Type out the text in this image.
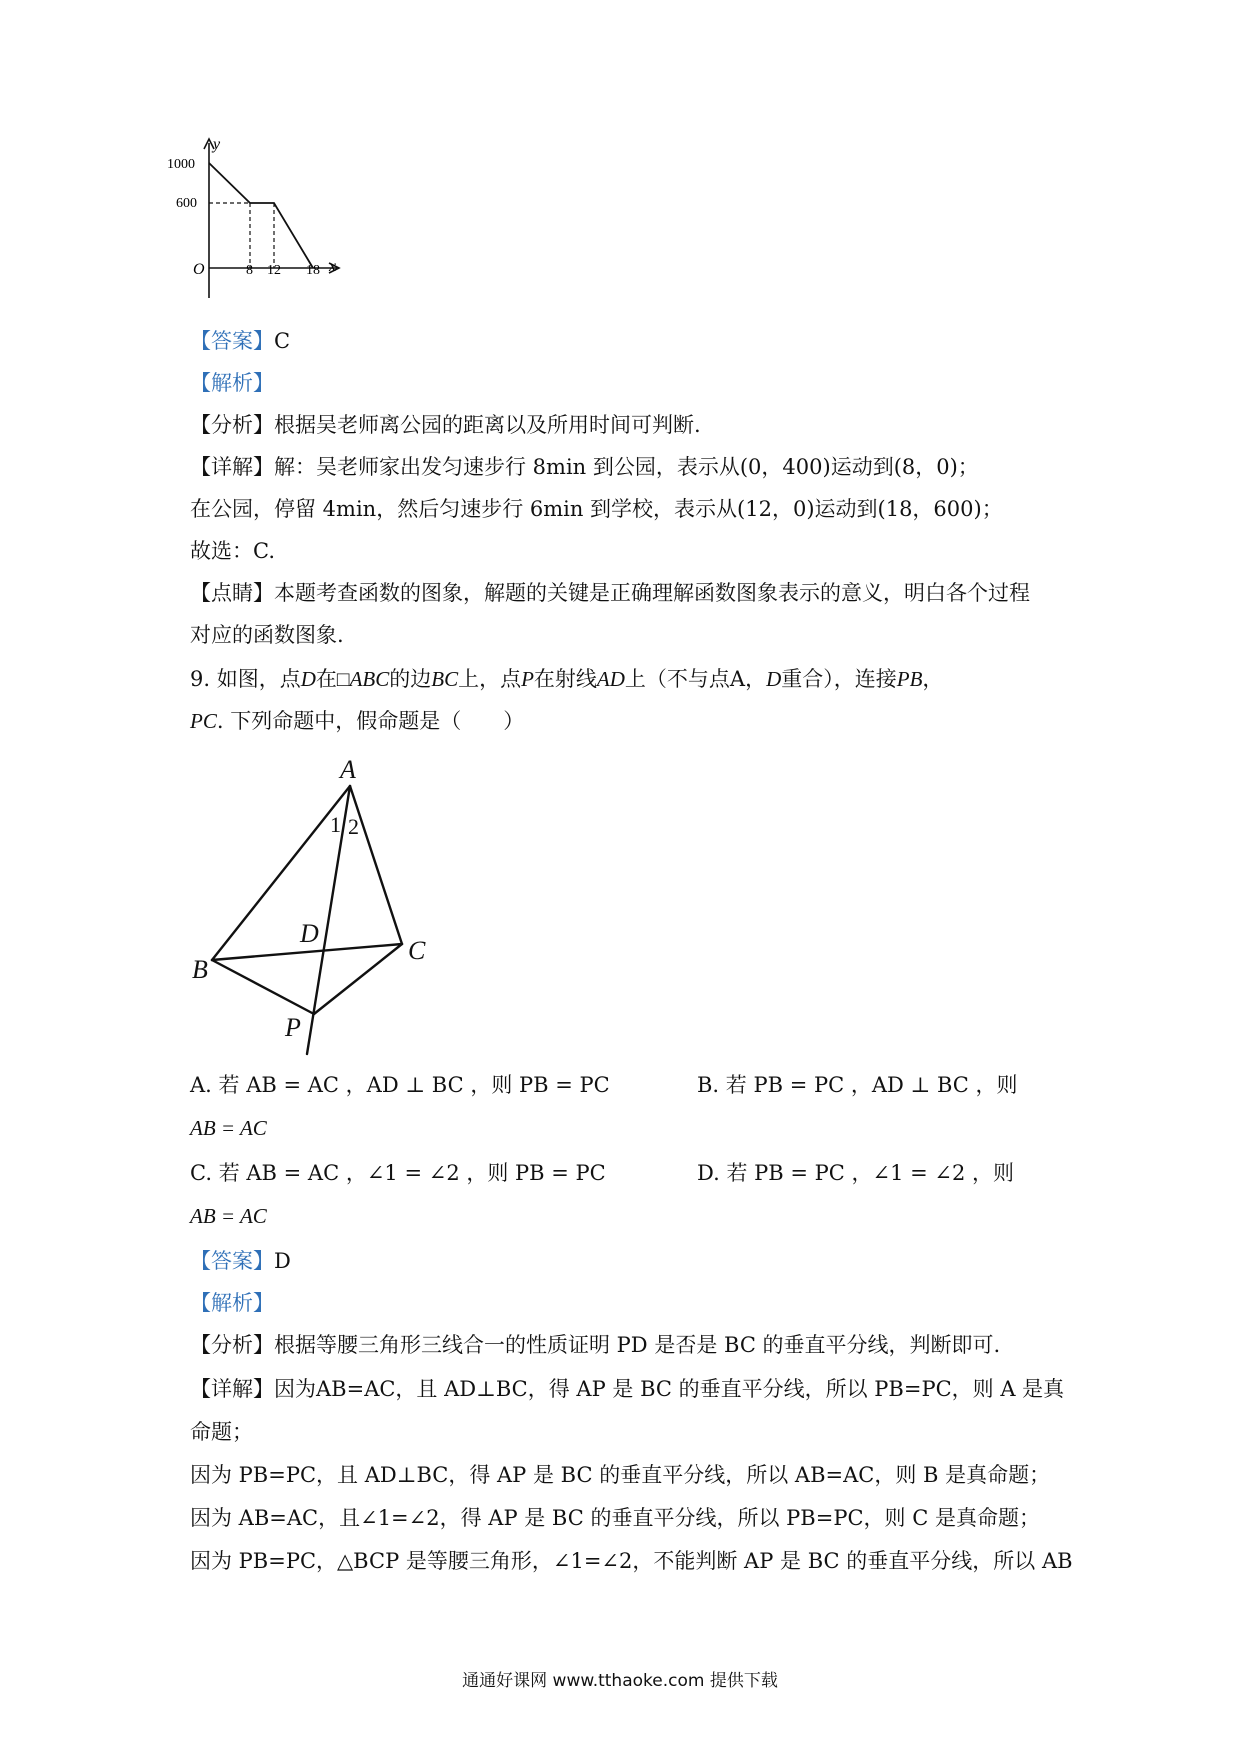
y
x
O
1000
600
8 12 18
【答案】C
【解析】
【分析】根据吴老师离公园的距离以及所用时间可判断.
【详解】解：吴老师家出发匀速步行 8min 到公园，表示从(0，400)运动到(8，0)；
在公园，停留 4min，然后匀速步行 6min 到学校，表示从(12，0)运动到(18，600)；
故选：C.
【点睛】本题考查函数的图象，解题的关键是正确理解函数图象表示的意义，明白各个过程
对应的函数图象.
9. 如图，点D在□ABC的边BC上，点P在射线AD上（不与点A，D重合），连接PB，
PC. 下列命题中，假命题是（　　）
A
B
C
D
P
1 2
A. 若 AB = AC ，AD ⊥ BC ，则 PB = PC	B. 若 PB = PC ，AD ⊥ BC ，则
AB = AC
C. 若 AB = AC ，∠1 = ∠2 ，则 PB = PC	D. 若 PB = PC ，∠1 = ∠2 ，则
AB = AC
【答案】D
【解析】
【分析】根据等腰三角形三线合一的性质证明 PD 是否是 BC 的垂直平分线，判断即可.
【详解】因为AB=AC，且 AD⊥BC，得 AP 是 BC 的垂直平分线，所以 PB=PC，则 A 是真
命题；
因为 PB=PC，且 AD⊥BC，得 AP 是 BC 的垂直平分线，所以 AB=AC，则 B 是真命题；
因为 AB=AC，且∠1=∠2，得 AP 是 BC 的垂直平分线，所以 PB=PC，则 C 是真命题；
因为 PB=PC，△BCP 是等腰三角形，∠1=∠2，不能判断 AP 是 BC 的垂直平分线，所以 AB
通通好课网 www.tthaoke.com 提供下载
